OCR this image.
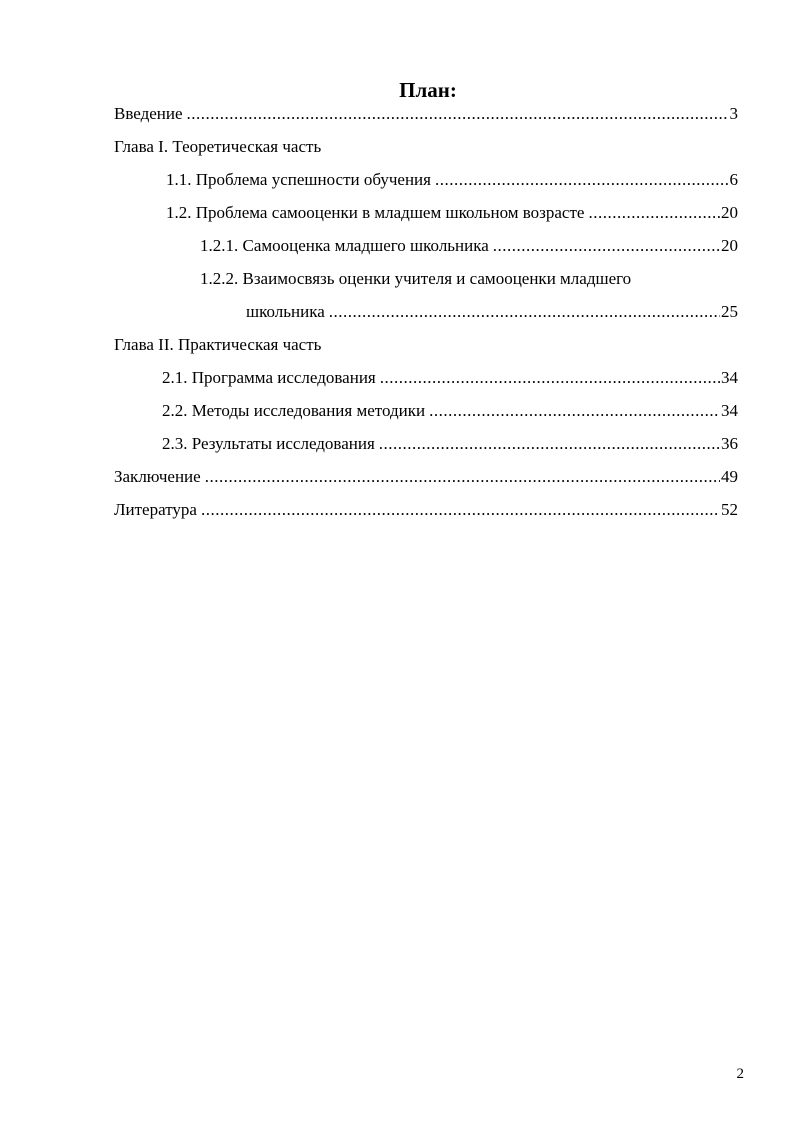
План:
Введение .....	3
Глава I. Теоретическая часть
1.1. Проблема успешности обучения .....	6
1.2. Проблема самооценки в младшем школьном возрасте .....	20
1.2.1. Самооценка младшего школьника .....	20
1.2.2. Взаимосвязь оценки учителя и самооценки младшего
школьника .....	25
Глава II. Практическая часть
2.1. Программа исследования .....	34
2.2. Методы исследования методики .....	34
2.3. Результаты исследования .....	36
Заключение .....	49
Литература .....	52
2
